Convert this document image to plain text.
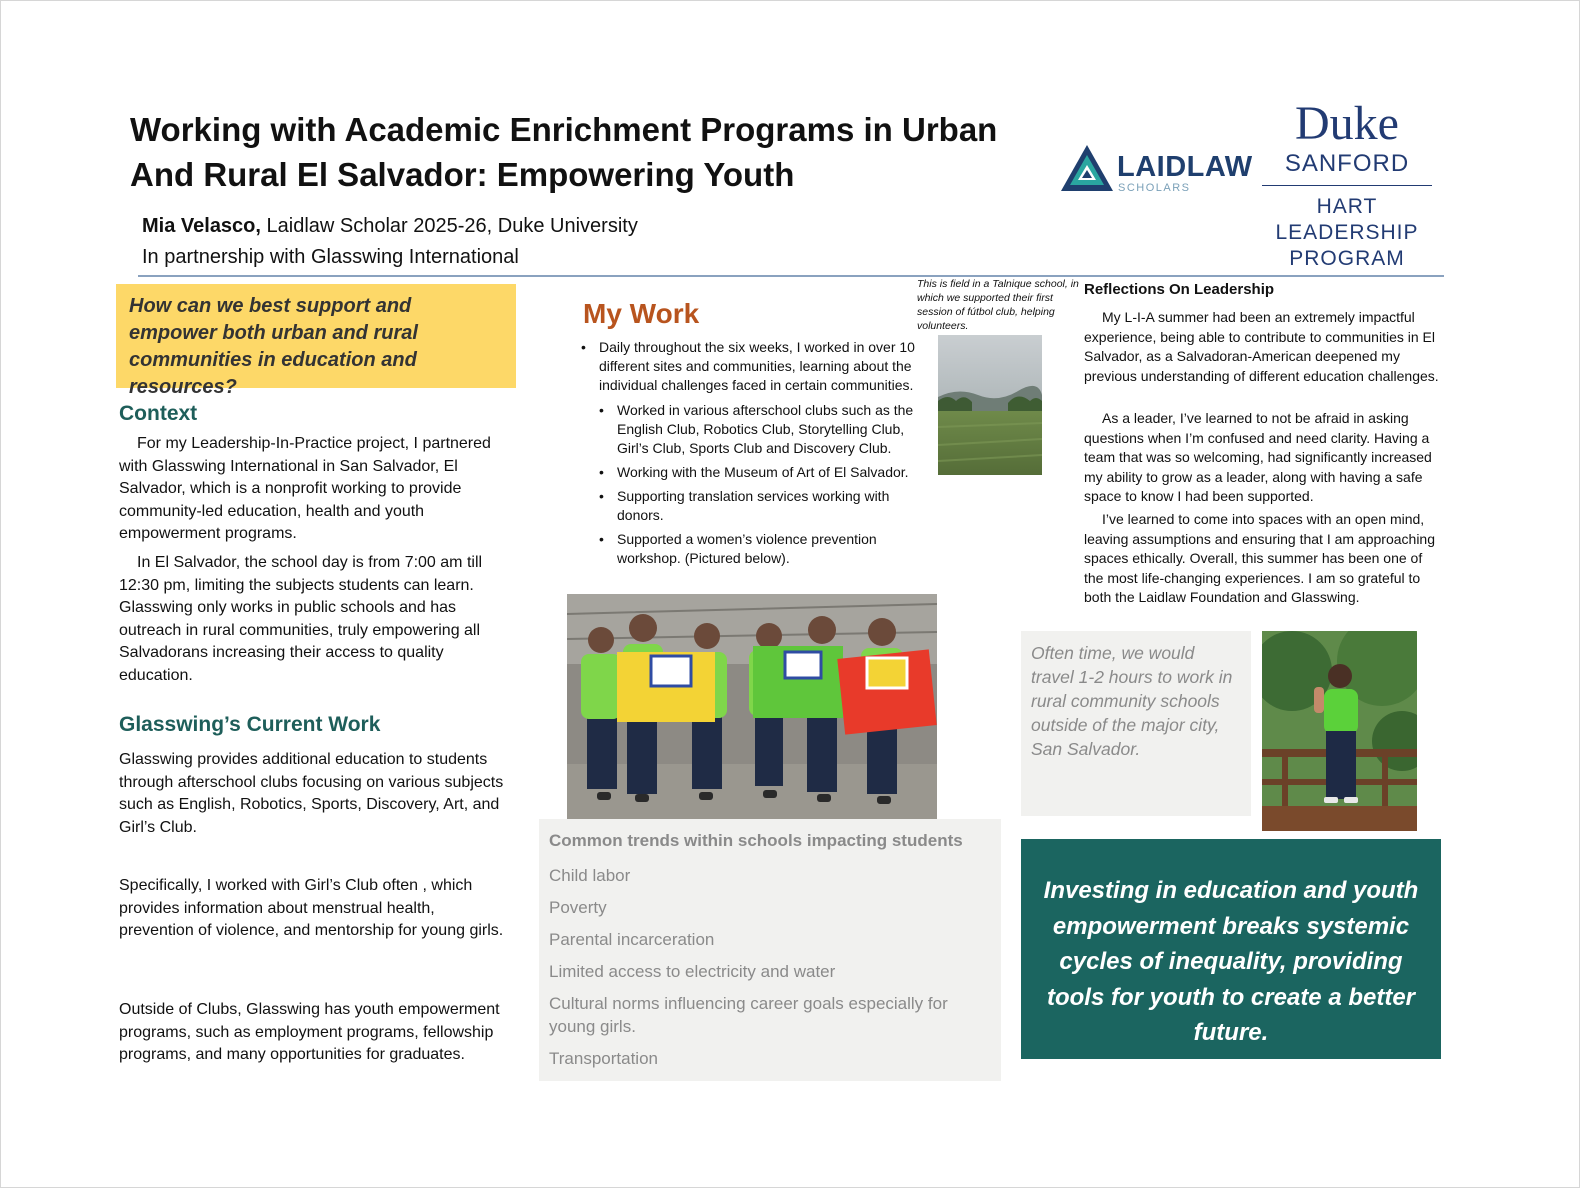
Working with Academic Enrichment Programs in Urban And Rural El Salvador: Empowering Youth
Mia Velasco, Laidlaw Scholar 2025-26, Duke University
In partnership with Glasswing International
LAIDLAW
SCHOLARS
Duke
SANFORD
HART LEADERSHIP
PROGRAM
How can we best support and empower both urban and rural communities in education and resources?
Context

For my Leadership-In-Practice project, I partnered with Glasswing International in San Salvador, El Salvador, which is a nonprofit working to provide community-led education, health and youth empowerment programs.

In El Salvador, the school day is from 7:00 am till 12:30 pm, limiting the subjects students can learn. Glasswing only works in public schools and has outreach in rural communities, truly empowering all Salvadorans increasing their access to quality education.

Glasswing’s Current Work

Glasswing provides additional education to students through afterschool clubs focusing on various subjects such as English, Robotics, Sports, Discovery, Art, and Girl’s Club.

Specifically, I worked with Girl’s Club often , which provides information about menstrual health, prevention of violence, and mentorship for young girls.

Outside of Clubs, Glasswing has youth empowerment programs, such as employment programs, fellowship programs, and many opportunities for graduates.

My Work
• Daily throughout the six weeks, I worked in over 10 different sites and communities, learning about the individual challenges faced in certain communities.
• Worked in various afterschool clubs such as the English Club, Robotics Club, Storytelling Club, Girl’s Club, Sports Club and Discovery Club.
• Working with the Museum of Art of El Salvador.
• Supporting translation services working with donors.
• Supported a women’s violence prevention workshop. (Pictured below).
This is field in a Talnique school, in which we supported their first session of fútbol club, helping volunteers.
Common trends within schools impacting students
Child labor
Poverty
Parental incarceration
Limited access to electricity and water
Cultural norms influencing career goals especially for young girls.
Transportation
Reflections On Leadership

My L-I-A summer had been an extremely impactful experience, being able to contribute to communities in El Salvador, as a Salvadoran-American deepened my previous understanding of different education challenges.

As a leader, I’ve learned to not be afraid in asking questions when I’m confused and need clarity. Having a team that was so welcoming, had significantly increased my ability to grow as a leader, along with having a safe space to know I had been supported.

I’ve learned to come into spaces with an open mind, leaving assumptions and ensuring that I am approaching spaces ethically. Overall, this summer has been one of the most life-changing experiences. I am so grateful to both the Laidlaw Foundation and Glasswing.

Often time, we would travel 1-2 hours to work in rural community schools outside of the major city, San Salvador.
Investing in education and youth empowerment breaks systemic cycles of inequality, providing tools for youth to create a better future.
